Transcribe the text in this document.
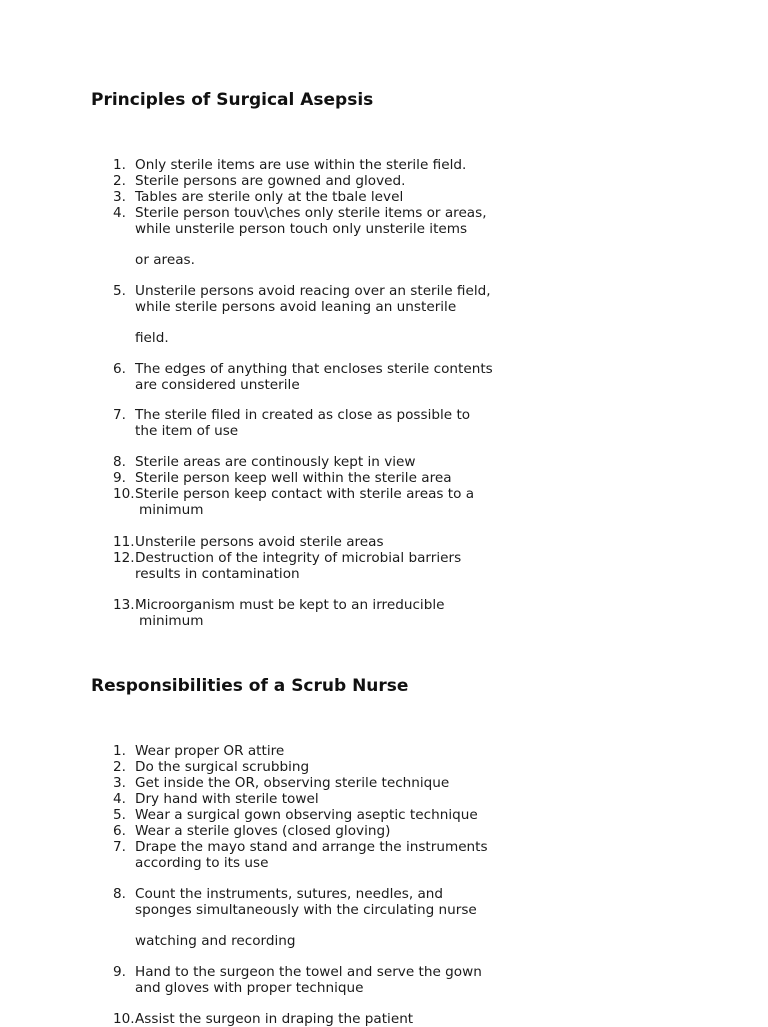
Principles of Surgical Asepsis
1. Only sterile items are use within the sterile field.
2. Sterile persons are gowned and gloved.
3. Tables are sterile only at the tbale level
4. Sterile person touv\ches only sterile items or areas,
while unsterile person touch only unsterile items
or areas.
5. Unsterile persons avoid reacing over an sterile field,
while sterile persons avoid leaning an unsterile
field.
6. The edges of anything that encloses sterile contents
are considered unsterile
7. The sterile filed in created as close as possible to
the item of use
8. Sterile areas are continously kept in view
9. Sterile person keep well within the sterile area
10. Sterile person keep contact with sterile areas to a
minimum
11. Unsterile persons avoid sterile areas
12. Destruction of the integrity of microbial barriers
results in contamination
13. Microorganism must be kept to an irreducible
minimum
Responsibilities of a Scrub Nurse
1. Wear proper OR attire
2. Do the surgical scrubbing
3. Get inside the OR, observing sterile technique
4. Dry hand with sterile towel
5. Wear a surgical gown observing aseptic technique
6. Wear a sterile gloves (closed gloving)
7. Drape the mayo stand and arrange the instruments
according to its use
8. Count the instruments, sutures, needles, and
sponges simultaneously with the circulating nurse
watching and recording
9. Hand to the surgeon the towel and serve the gown
and gloves with proper technique
10. Assist the surgeon in draping the patient
